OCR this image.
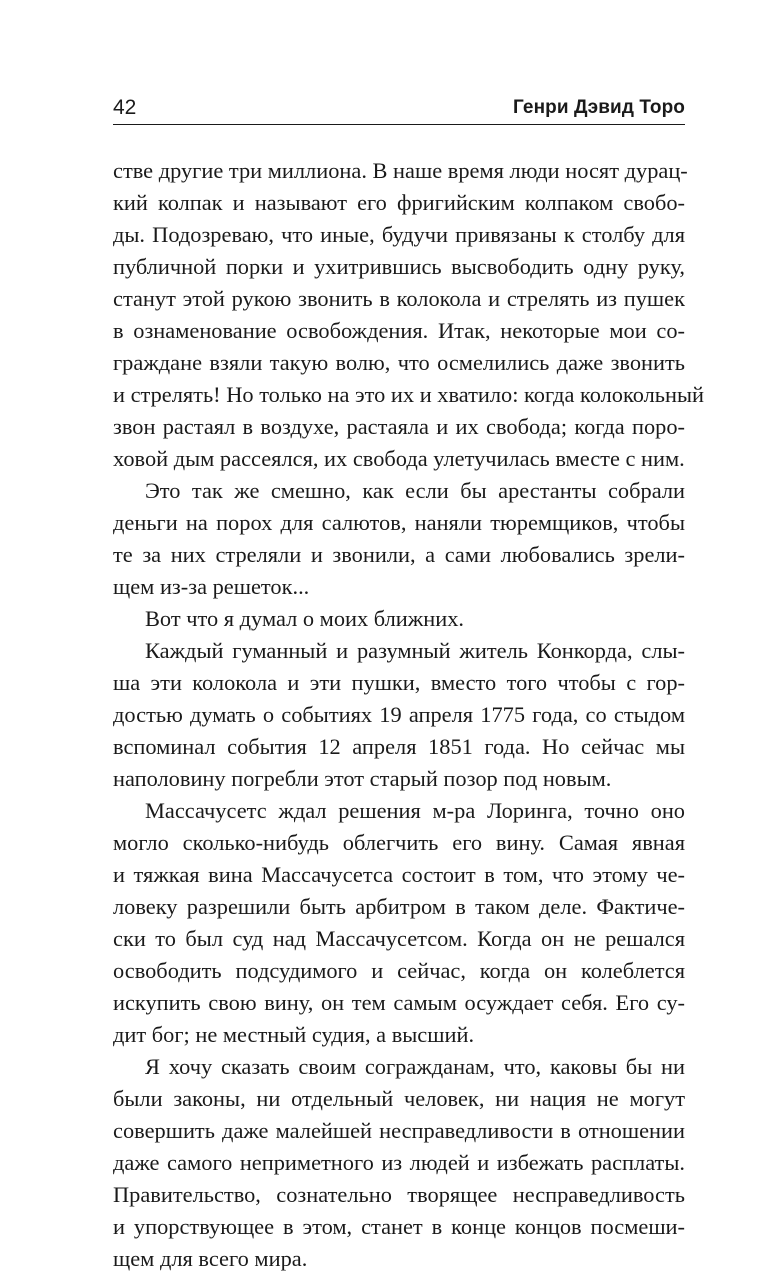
42	Генри Дэвид Торо
стве другие три миллиона. В наше время люди носят дурац-
кий колпак и называют его фригийским колпаком свобо-
ды. Подозреваю, что иные, будучи привязаны к столбу для
публичной порки и ухитрившись высвободить одну руку,
станут этой рукою звонить в колокола и стрелять из пушек
в ознаменование освобождения. Итак, некоторые мои со-
граждане взяли такую волю, что осмелились даже звонить
и стрелять! Но только на это их и хватило: когда колокольный
звон растаял в воздухе, растаяла и их свобода; когда поро-
ховой дым рассеялся, их свобода улетучилась вместе с ним.
Это так же смешно, как если бы арестанты собрали
деньги на порох для салютов, наняли тюремщиков, чтобы
те за них стреляли и звонили, а сами любовались зрели-
щем из-за решеток...
Вот что я думал о моих ближних.
Каждый гуманный и разумный житель Конкорда, слы-
ша эти колокола и эти пушки, вместо того чтобы с гор-
достью думать о событиях 19 апреля 1775 года, со стыдом
вспоминал события 12 апреля 1851 года. Но сейчас мы
наполовину погребли этот старый позор под новым.
Массачусетс ждал решения м-ра Лоринга, точно оно
могло сколько-нибудь облегчить его вину. Самая явная
и тяжкая вина Массачусетса состоит в том, что этому че-
ловеку разрешили быть арбитром в таком деле. Фактиче-
ски то был суд над Массачусетсом. Когда он не решался
освободить подсудимого и сейчас, когда он колеблется
искупить свою вину, он тем самым осуждает себя. Его су-
дит бог; не местный судия, а высший.
Я хочу сказать своим согражданам, что, каковы бы ни
были законы, ни отдельный человек, ни нация не могут
совершить даже малейшей несправедливости в отношении
даже самого неприметного из людей и избежать расплаты.
Правительство, сознательно творящее несправедливость
и упорствующее в этом, станет в конце концов посмеши-
щем для всего мира.
